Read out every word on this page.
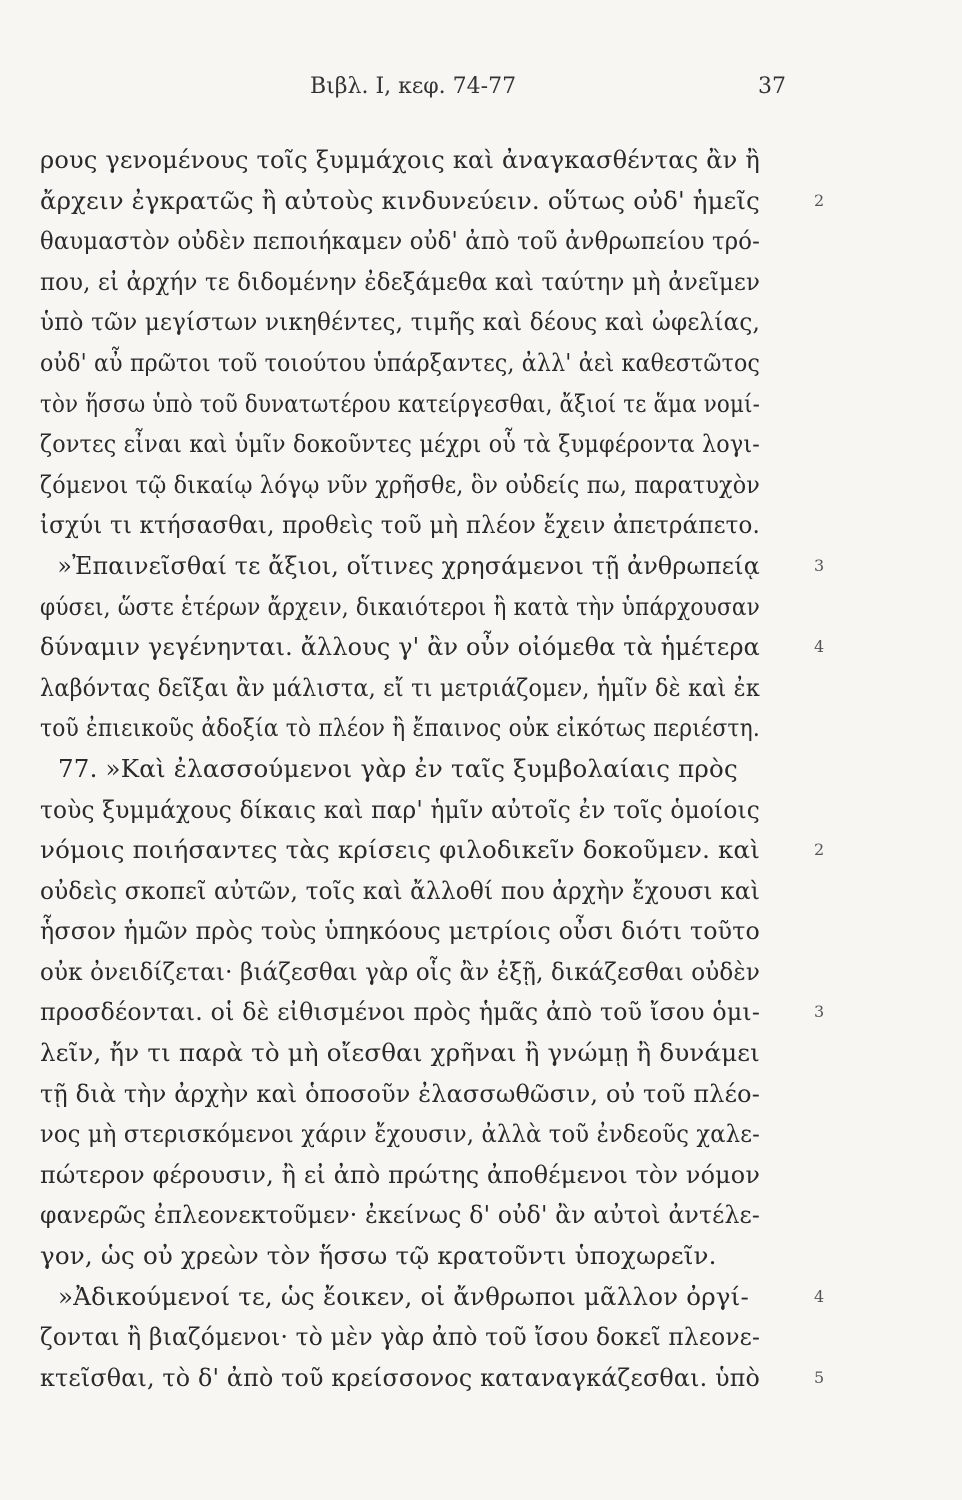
Βιβλ. I, κεφ. 74-77	37
ρους γενομένους τοῖς ξυμμάχοις καὶ ἀναγκασθέντας ἂν ἢ
ἄρχειν ἐγκρατῶς ἢ αὐτοὺς κινδυνεύειν. οὕτως οὐδ' ἡμεῖς	2
θαυμαστὸν οὐδὲν πεποιήκαμεν οὐδ' ἀπὸ τοῦ ἀνθρωπείου τρό-
που, εἰ ἀρχήν τε διδομένην ἐδεξάμεθα καὶ ταύτην μὴ ἀνεῖμεν
ὑπὸ τῶν μεγίστων νικηθέντες, τιμῆς καὶ δέους καὶ ὠφελίας,
οὐδ' αὖ πρῶτοι τοῦ τοιούτου ὑπάρξαντες, ἀλλ' ἀεὶ καθεστῶτος
τὸν ἥσσω ὑπὸ τοῦ δυνατωτέρου κατείργεσθαι, ἄξιοί τε ἅμα νομί-
ζοντες εἶναι καὶ ὑμῖν δοκοῦντες μέχρι οὗ τὰ ξυμφέροντα λογι-
ζόμενοι τῷ δικαίῳ λόγῳ νῦν χρῆσθε, ὃν οὐδείς πω, παρατυχὸν
ἰσχύι τι κτήσασθαι, προθεὶς τοῦ μὴ πλέον ἔχειν ἀπετράπετο.
»Ἐπαινεῖσθαί τε ἄξιοι, οἵτινες χρησάμενοι τῇ ἀνθρωπείᾳ	3
φύσει, ὥστε ἑτέρων ἄρχειν, δικαιότεροι ἢ κατὰ τὴν ὑπάρχουσαν
δύναμιν γεγένηνται. ἄλλους γ' ἂν οὖν οἰόμεθα τὰ ἡμέτερα	4
λαβόντας δεῖξαι ἂν μάλιστα, εἴ τι μετριάζομεν, ἡμῖν δὲ καὶ ἐκ
τοῦ ἐπιεικοῦς ἀδοξία τὸ πλέον ἢ ἔπαινος οὐκ εἰκότως περιέστη.
77. »Καὶ ἐλασσούμενοι γὰρ ἐν ταῖς ξυμβολαίαις πρὸς
τοὺς ξυμμάχους δίκαις καὶ παρ' ἡμῖν αὐτοῖς ἐν τοῖς ὁμοίοις
νόμοις ποιήσαντες τὰς κρίσεις φιλοδικεῖν δοκοῦμεν. καὶ	2
οὐδεὶς σκοπεῖ αὐτῶν, τοῖς καὶ ἄλλοθί που ἀρχὴν ἔχουσι καὶ
ἧσσον ἡμῶν πρὸς τοὺς ὑπηκόους μετρίοις οὖσι διότι τοῦτο
οὐκ ὀνειδίζεται· βιάζεσθαι γὰρ οἷς ἂν ἐξῇ, δικάζεσθαι οὐδὲν
προσδέονται. οἱ δὲ εἰθισμένοι πρὸς ἡμᾶς ἀπὸ τοῦ ἴσου ὁμι-	3
λεῖν, ἤν τι παρὰ τὸ μὴ οἴεσθαι χρῆναι ἢ γνώμῃ ἢ δυνάμει
τῇ διὰ τὴν ἀρχὴν καὶ ὁποσοῦν ἐλασσωθῶσιν, οὐ τοῦ πλέο-
νος μὴ στερισκόμενοι χάριν ἔχουσιν, ἀλλὰ τοῦ ἐνδεοῦς χαλε-
πώτερον φέρουσιν, ἢ εἰ ἀπὸ πρώτης ἀποθέμενοι τὸν νόμον
φανερῶς ἐπλεονεκτοῦμεν· ἐκείνως δ' οὐδ' ἂν αὐτοὶ ἀντέλε-
γον, ὡς οὐ χρεὼν τὸν ἥσσω τῷ κρατοῦντι ὑποχωρεῖν.
»Ἀδικούμενοί τε, ὡς ἔοικεν, οἱ ἄνθρωποι μᾶλλον ὀργί-	4
ζονται ἢ βιαζόμενοι· τὸ μὲν γὰρ ἀπὸ τοῦ ἴσου δοκεῖ πλεονε-
κτεῖσθαι, τὸ δ' ἀπὸ τοῦ κρείσσονος καταναγκάζεσθαι. ὑπὸ	5
